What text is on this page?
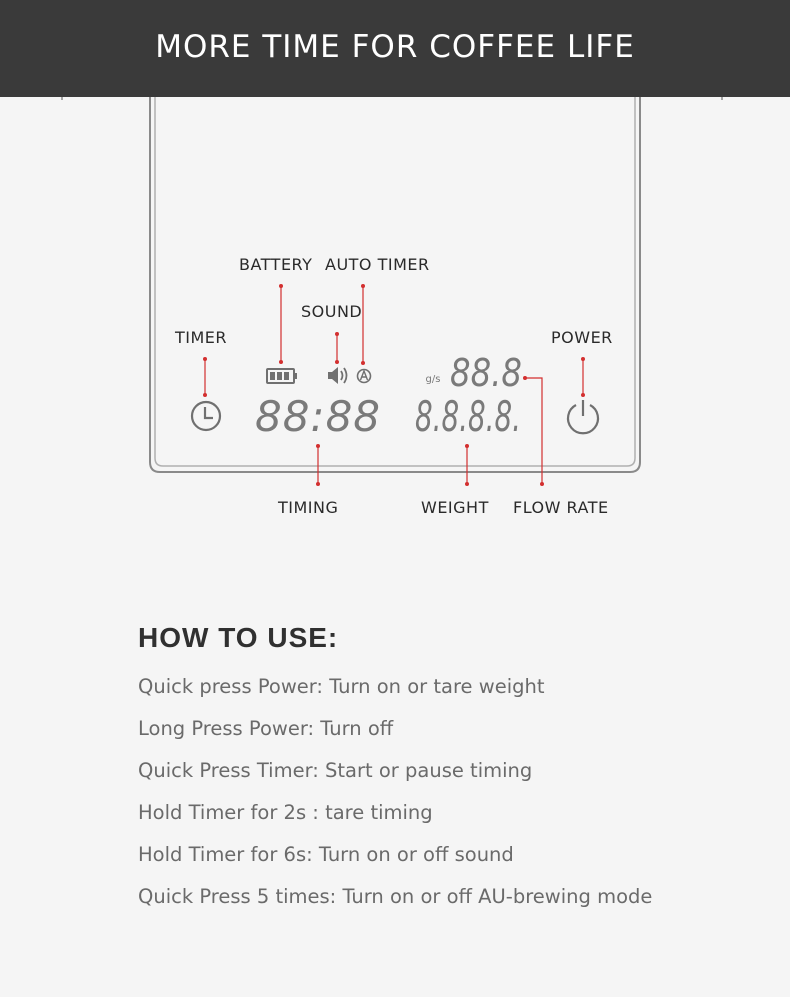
MORE TIME FOR COFFEE LIFE
88:88 8.8.8.8.
88.8
g/s
BATTERY AUTO TIMER
SOUND
TIMER	POWER
TIMING	WEIGHT FLOW RATE
HOW TO USE:
Quick press Power: Turn on or tare weight
Long Press Power: Turn off
Quick Press Timer: Start or pause timing
Hold Timer for 2s : tare timing
Hold Timer for 6s: Turn on or off sound
Quick Press 5 times: Turn on or off AU-brewing mode
